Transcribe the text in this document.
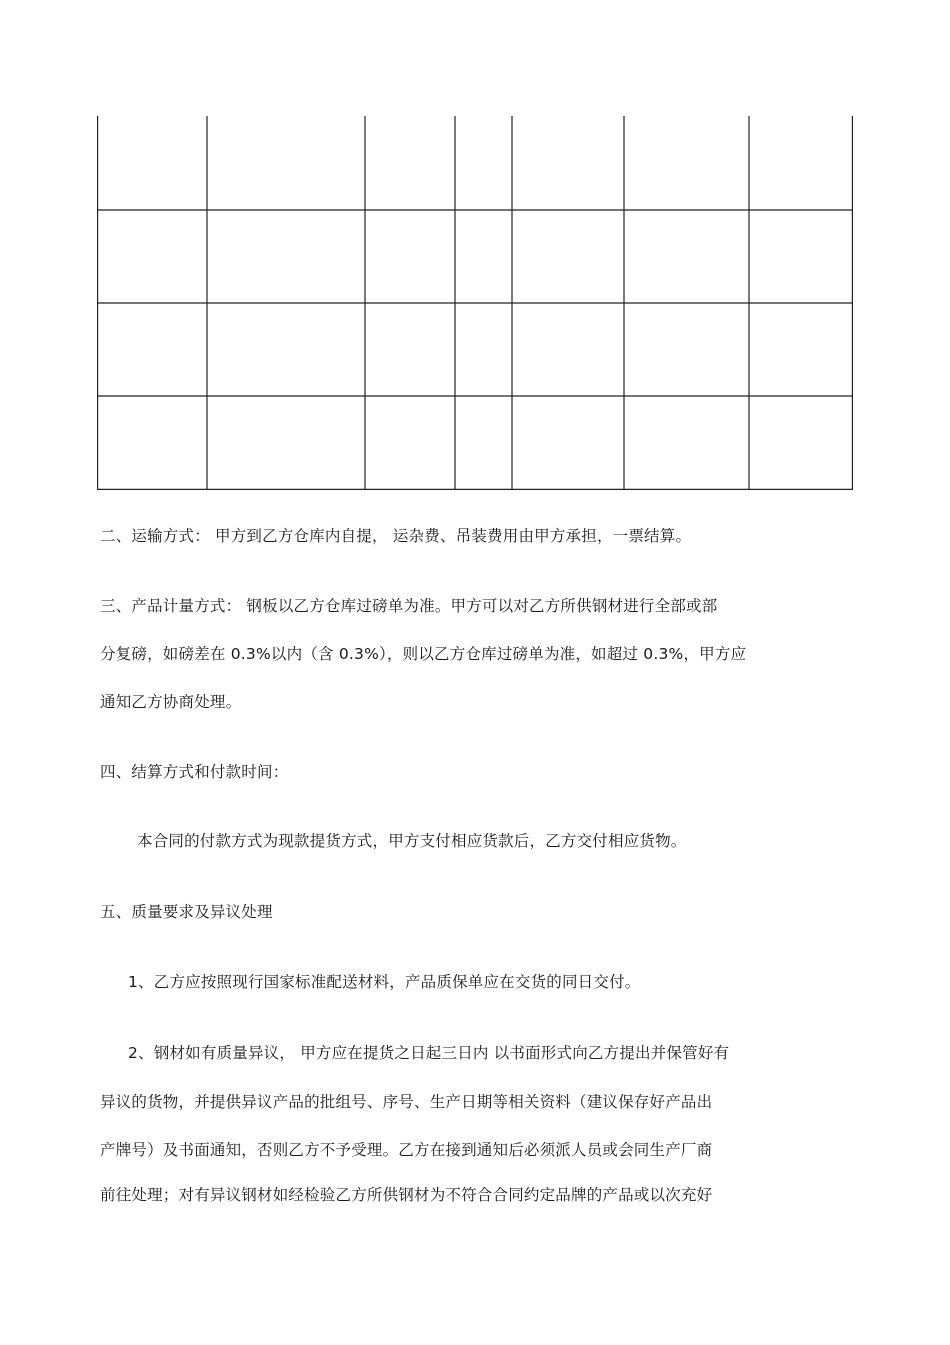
二、运输方式： 甲方到乙方仓库内自提， 运杂费、吊装费用由甲方承担，一票结算。
三、产品计量方式： 钢板以乙方仓库过磅单为准。甲方可以对乙方所供钢材进行全部或部
分复磅，如磅差在 0.3%以内（含 0.3%），则以乙方仓库过磅单为准，如超过 0.3%，甲方应
通知乙方协商处理。
四、结算方式和付款时间：
本合同的付款方式为现款提货方式，甲方支付相应货款后，乙方交付相应货物。
五、质量要求及异议处理
1、乙方应按照现行国家标准配送材料，产品质保单应在交货的同日交付。
2、钢材如有质量异议， 甲方应在提货之日起三日内 以书面形式向乙方提出并保管好有
异议的货物，并提供异议产品的批组号、序号、生产日期等相关资料（建议保存好产品出
产牌号）及书面通知，否则乙方不予受理。乙方在接到通知后必须派人员或会同生产厂商
前往处理；对有异议钢材如经检验乙方所供钢材为不符合合同约定品牌的产品或以次充好
